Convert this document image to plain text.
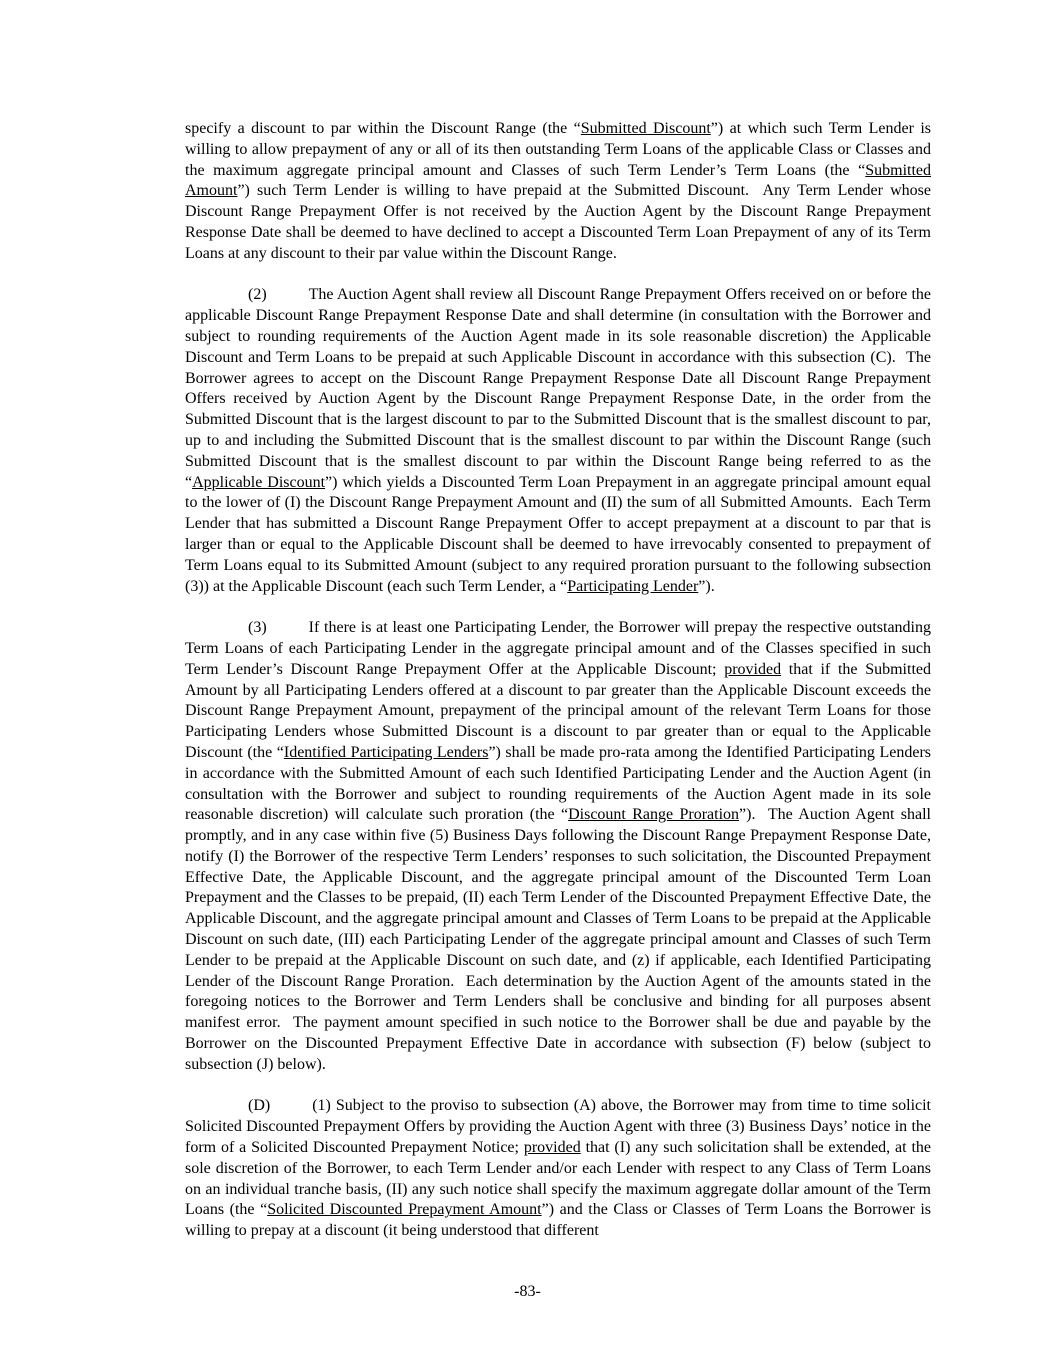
specify a discount to par within the Discount Range (the “Submitted Discount”) at which such Term Lender is willing to allow prepayment of any or all of its then outstanding Term Loans of the applicable Class or Classes and the maximum aggregate principal amount and Classes of such Term Lender’s Term Loans (the “Submitted Amount”) such Term Lender is willing to have prepaid at the Submitted Discount.  Any Term Lender whose Discount Range Prepayment Offer is not received by the Auction Agent by the Discount Range Prepayment Response Date shall be deemed to have declined to accept a Discounted Term Loan Prepayment of any of its Term Loans at any discount to their par value within the Discount Range.

(2)	The Auction Agent shall review all Discount Range Prepayment Offers received on or before the applicable Discount Range Prepayment Response Date and shall determine (in consultation with the Borrower and subject to rounding requirements of the Auction Agent made in its sole reasonable discretion) the Applicable Discount and Term Loans to be prepaid at such Applicable Discount in accordance with this subsection (C).  The Borrower agrees to accept on the Discount Range Prepayment Response Date all Discount Range Prepayment Offers received by Auction Agent by the Discount Range Prepayment Response Date, in the order from the Submitted Discount that is the largest discount to par to the Submitted Discount that is the smallest discount to par, up to and including the Submitted Discount that is the smallest discount to par within the Discount Range (such Submitted Discount that is the smallest discount to par within the Discount Range being referred to as the “Applicable Discount”) which yields a Discounted Term Loan Prepayment in an aggregate principal amount equal to the lower of (I) the Discount Range Prepayment Amount and (II) the sum of all Submitted Amounts.  Each Term Lender that has submitted a Discount Range Prepayment Offer to accept prepayment at a discount to par that is larger than or equal to the Applicable Discount shall be deemed to have irrevocably consented to prepayment of Term Loans equal to its Submitted Amount (subject to any required proration pursuant to the following subsection (3)) at the Applicable Discount (each such Term Lender, a “Participating Lender”).

(3)	If there is at least one Participating Lender, the Borrower will prepay the respective outstanding Term Loans of each Participating Lender in the aggregate principal amount and of the Classes specified in such Term Lender’s Discount Range Prepayment Offer at the Applicable Discount; provided that if the Submitted Amount by all Participating Lenders offered at a discount to par greater than the Applicable Discount exceeds the Discount Range Prepayment Amount, prepayment of the principal amount of the relevant Term Loans for those Participating Lenders whose Submitted Discount is a discount to par greater than or equal to the Applicable Discount (the “Identified Participating Lenders”) shall be made pro-rata among the Identified Participating Lenders in accordance with the Submitted Amount of each such Identified Participating Lender and the Auction Agent (in consultation with the Borrower and subject to rounding requirements of the Auction Agent made in its sole reasonable discretion) will calculate such proration (the “Discount Range Proration”).  The Auction Agent shall promptly, and in any case within five (5) Business Days following the Discount Range Prepayment Response Date, notify (I) the Borrower of the respective Term Lenders’ responses to such solicitation, the Discounted Prepayment Effective Date, the Applicable Discount, and the aggregate principal amount of the Discounted Term Loan Prepayment and the Classes to be prepaid, (II) each Term Lender of the Discounted Prepayment Effective Date, the Applicable Discount, and the aggregate principal amount and Classes of Term Loans to be prepaid at the Applicable Discount on such date, (III) each Participating Lender of the aggregate principal amount and Classes of such Term Lender to be prepaid at the Applicable Discount on such date, and (z) if applicable, each Identified Participating Lender of the Discount Range Proration.  Each determination by the Auction Agent of the amounts stated in the foregoing notices to the Borrower and Term Lenders shall be conclusive and binding for all purposes absent manifest error.  The payment amount specified in such notice to the Borrower shall be due and payable by the Borrower on the Discounted Prepayment Effective Date in accordance with subsection (F) below (subject to subsection (J) below).

(D)	(1) Subject to the proviso to subsection (A) above, the Borrower may from time to time solicit Solicited Discounted Prepayment Offers by providing the Auction Agent with three (3) Business Days’ notice in the form of a Solicited Discounted Prepayment Notice; provided that (I) any such solicitation shall be extended, at the sole discretion of the Borrower, to each Term Lender and/or each Lender with respect to any Class of Term Loans on an individual tranche basis, (II) any such notice shall specify the maximum aggregate dollar amount of the Term Loans (the “Solicited Discounted Prepayment Amount”) and the Class or Classes of Term Loans the Borrower is willing to prepay at a discount (it being understood that different

-83-
